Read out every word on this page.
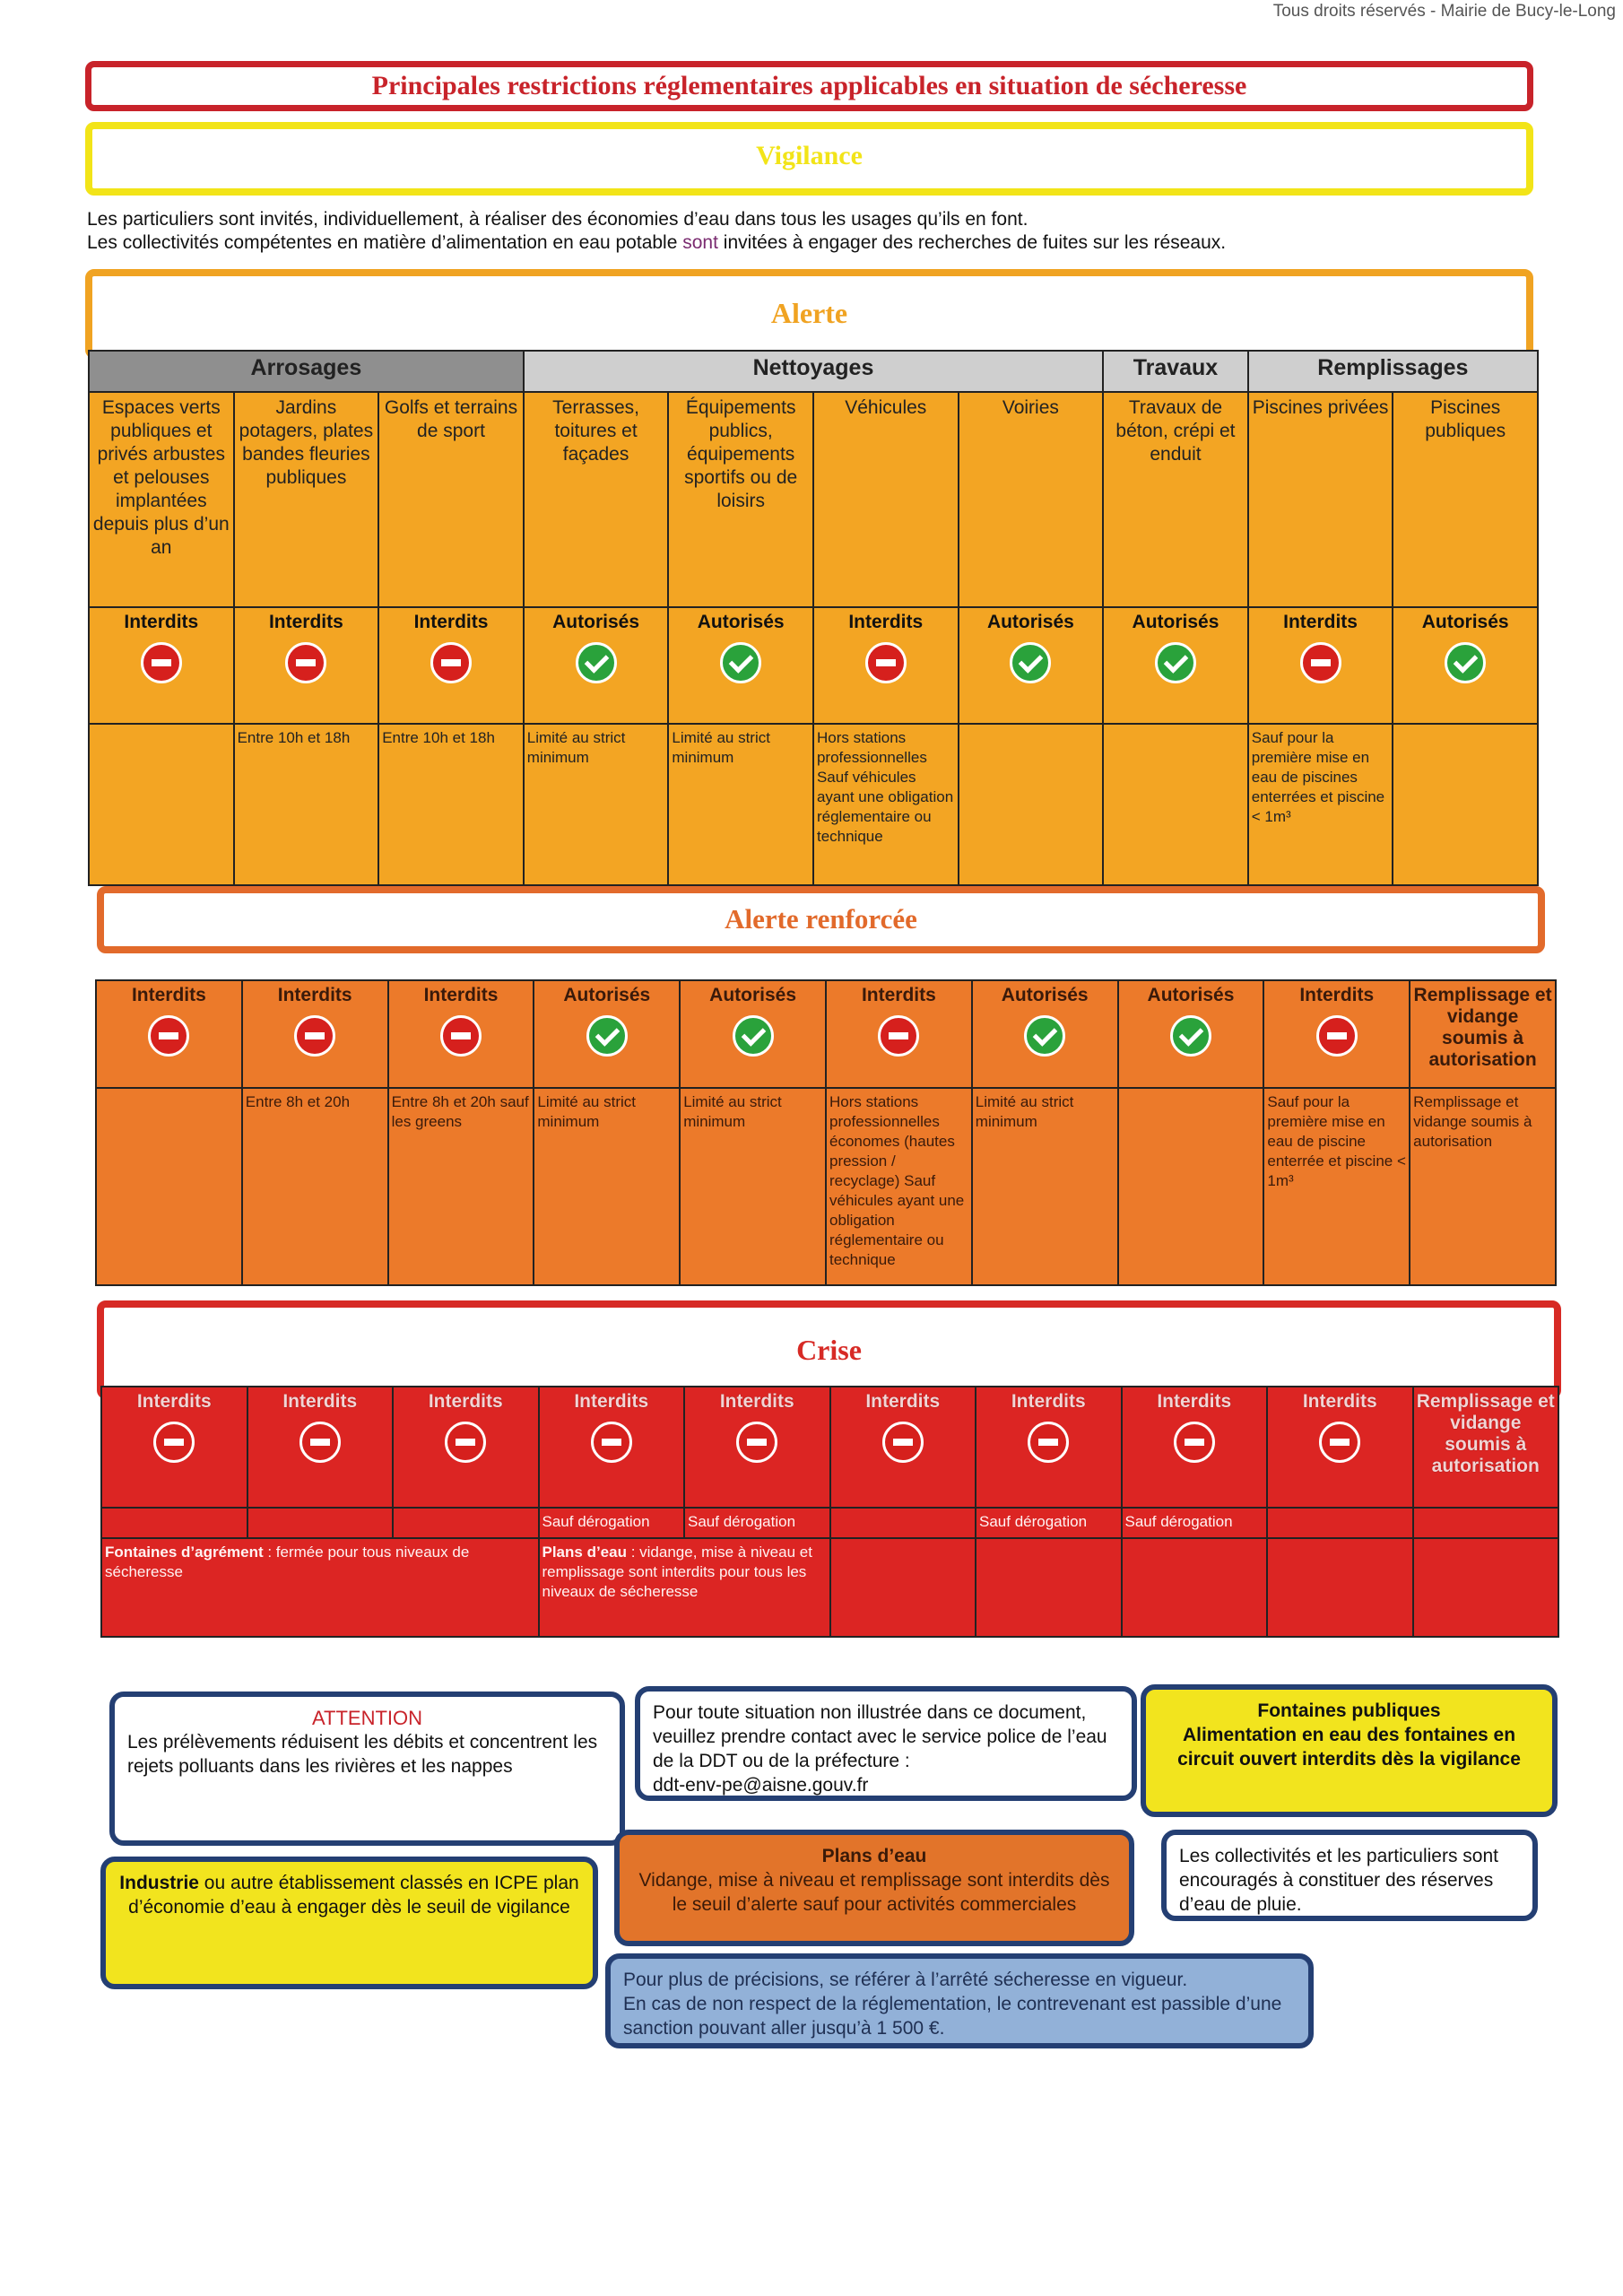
Tous droits réservés - Mairie de Bucy-le-Long
Principales restrictions réglementaires applicables en situation de sécheresse
Vigilance
Les particuliers sont invités, individuellement, à réaliser des économies d’eau dans tous les usages qu’ils en font.
Les collectivités compétentes en matière d’alimentation en eau potable sont invitées à engager des recherches de fuites sur les réseaux.
Alerte
Arrosages			Nettoyages				Travaux	Remplissages	

Espaces verts publiques et privés arbustes et pelouses implantées depuis plus d’un an	Jardins potagers, plates bandes fleuries publiques	Golfs et terrains de sport	Terrasses, toitures et façades	Équipements publics, équipements sportifs ou de loisirs	Véhicules	Voiries	Travaux de béton, crépi et enduit	Piscines privées	Piscines publiques

Interdits	Interdits	Interdits	Autorisés	Autorisés	Interdits	Autorisés	Autorisés	Interdits	Autorisés

	Entre 10h et 18h	Entre 10h et 18h	Limité au strict minimum	Limité au strict minimum	Hors stations professionnelles Sauf véhicules ayant une obligation réglementaire ou technique			Sauf pour la première mise en eau de piscines enterrées et piscine < 1m³	

Alerte renforcée
Interdits	Interdits	Interdits	Autorisés	Autorisés	Interdits	Autorisés	Autorisés	Interdits	Remplissage et vidange soumis à autorisation

	Entre 8h et 20h	Entre 8h et 20h sauf les greens	Limité au strict minimum	Limité au strict minimum	Hors stations professionnelles économes (hautes pression / recyclage) Sauf véhicules ayant une obligation réglementaire ou technique	Limité au strict minimum		Sauf pour la première mise en eau de piscine enterrée et piscine < 1m³	Remplissage et vidange soumis à autorisation
Crise
Interdits	Interdits	Interdits	Interdits	Interdits	Interdits	Interdits	Interdits	Interdits	Remplissage et vidange soumis à autorisation

			Sauf dérogation	Sauf dérogation		Sauf dérogation	Sauf dérogation		

Fontaines d’agrément : fermée pour tous niveaux de sécheresse			Plans d’eau : vidange, mise à niveau et remplissage sont interdits pour tous les niveaux de sécheresse						
ATTENTION
Les prélèvements réduisent les débits et concentrent les rejets polluants dans les rivières et les nappes
Pour toute situation non illustrée dans ce document, veuillez prendre contact avec le service police de l’eau de la DDT ou de la préfecture :
ddt-env-pe@aisne.gouv.fr
Fontaines publiques
Alimentation en eau des fontaines en circuit ouvert interdits dès la vigilance
Industrie ou autre établissement classés en ICPE plan d’économie d’eau à engager dès le seuil de vigilance
Plans d’eau
Vidange, mise à niveau et remplissage sont interdits dès le seuil d’alerte sauf pour activités commerciales
Les collectivités et les particuliers sont encouragés à constituer des réserves d’eau de pluie.
Pour plus de précisions, se référer à l’arrêté sécheresse en vigueur.
En cas de non respect de la réglementation, le contrevenant est passible d’une sanction pouvant aller jusqu’à 1 500 €.
